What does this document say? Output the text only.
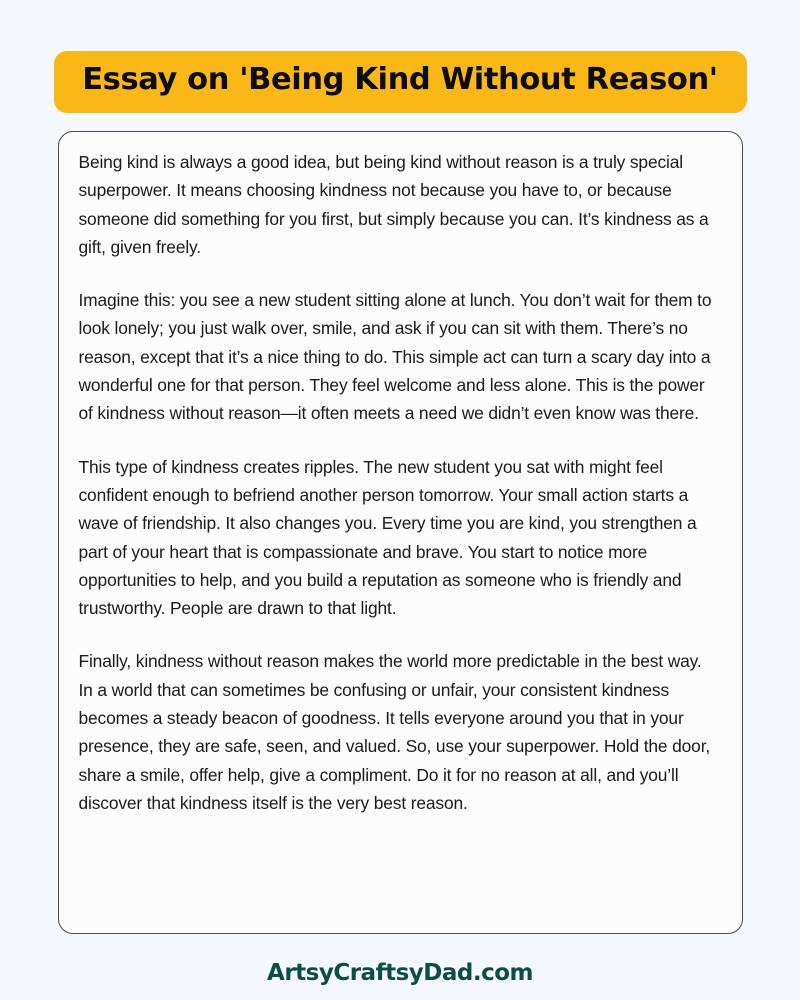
Essay on 'Being Kind Without Reason'

Being kind is always a good idea, but being kind without reason is a truly special superpower. It means choosing kindness not because you have to, or because someone did something for you first, but simply because you can. It’s kindness as a gift, given freely.

Imagine this: you see a new student sitting alone at lunch. You don’t wait for them to look lonely; you just walk over, smile, and ask if you can sit with them. There’s no reason, except that it’s a nice thing to do. This simple act can turn a scary day into a wonderful one for that person. They feel welcome and less alone. This is the power of kindness without reason—it often meets a need we didn’t even know was there.

This type of kindness creates ripples. The new student you sat with might feel confident enough to befriend another person tomorrow. Your small action starts a wave of friendship. It also changes you. Every time you are kind, you strengthen a part of your heart that is compassionate and brave. You start to notice more opportunities to help, and you build a reputation as someone who is friendly and trustworthy. People are drawn to that light.

Finally, kindness without reason makes the world more predictable in the best way. In a world that can sometimes be confusing or unfair, your consistent kindness becomes a steady beacon of goodness. It tells everyone around you that in your presence, they are safe, seen, and valued. So, use your superpower. Hold the door, share a smile, offer help, give a compliment. Do it for no reason at all, and you’ll discover that kindness itself is the very best reason.

ArtsyCraftsyDad.com
